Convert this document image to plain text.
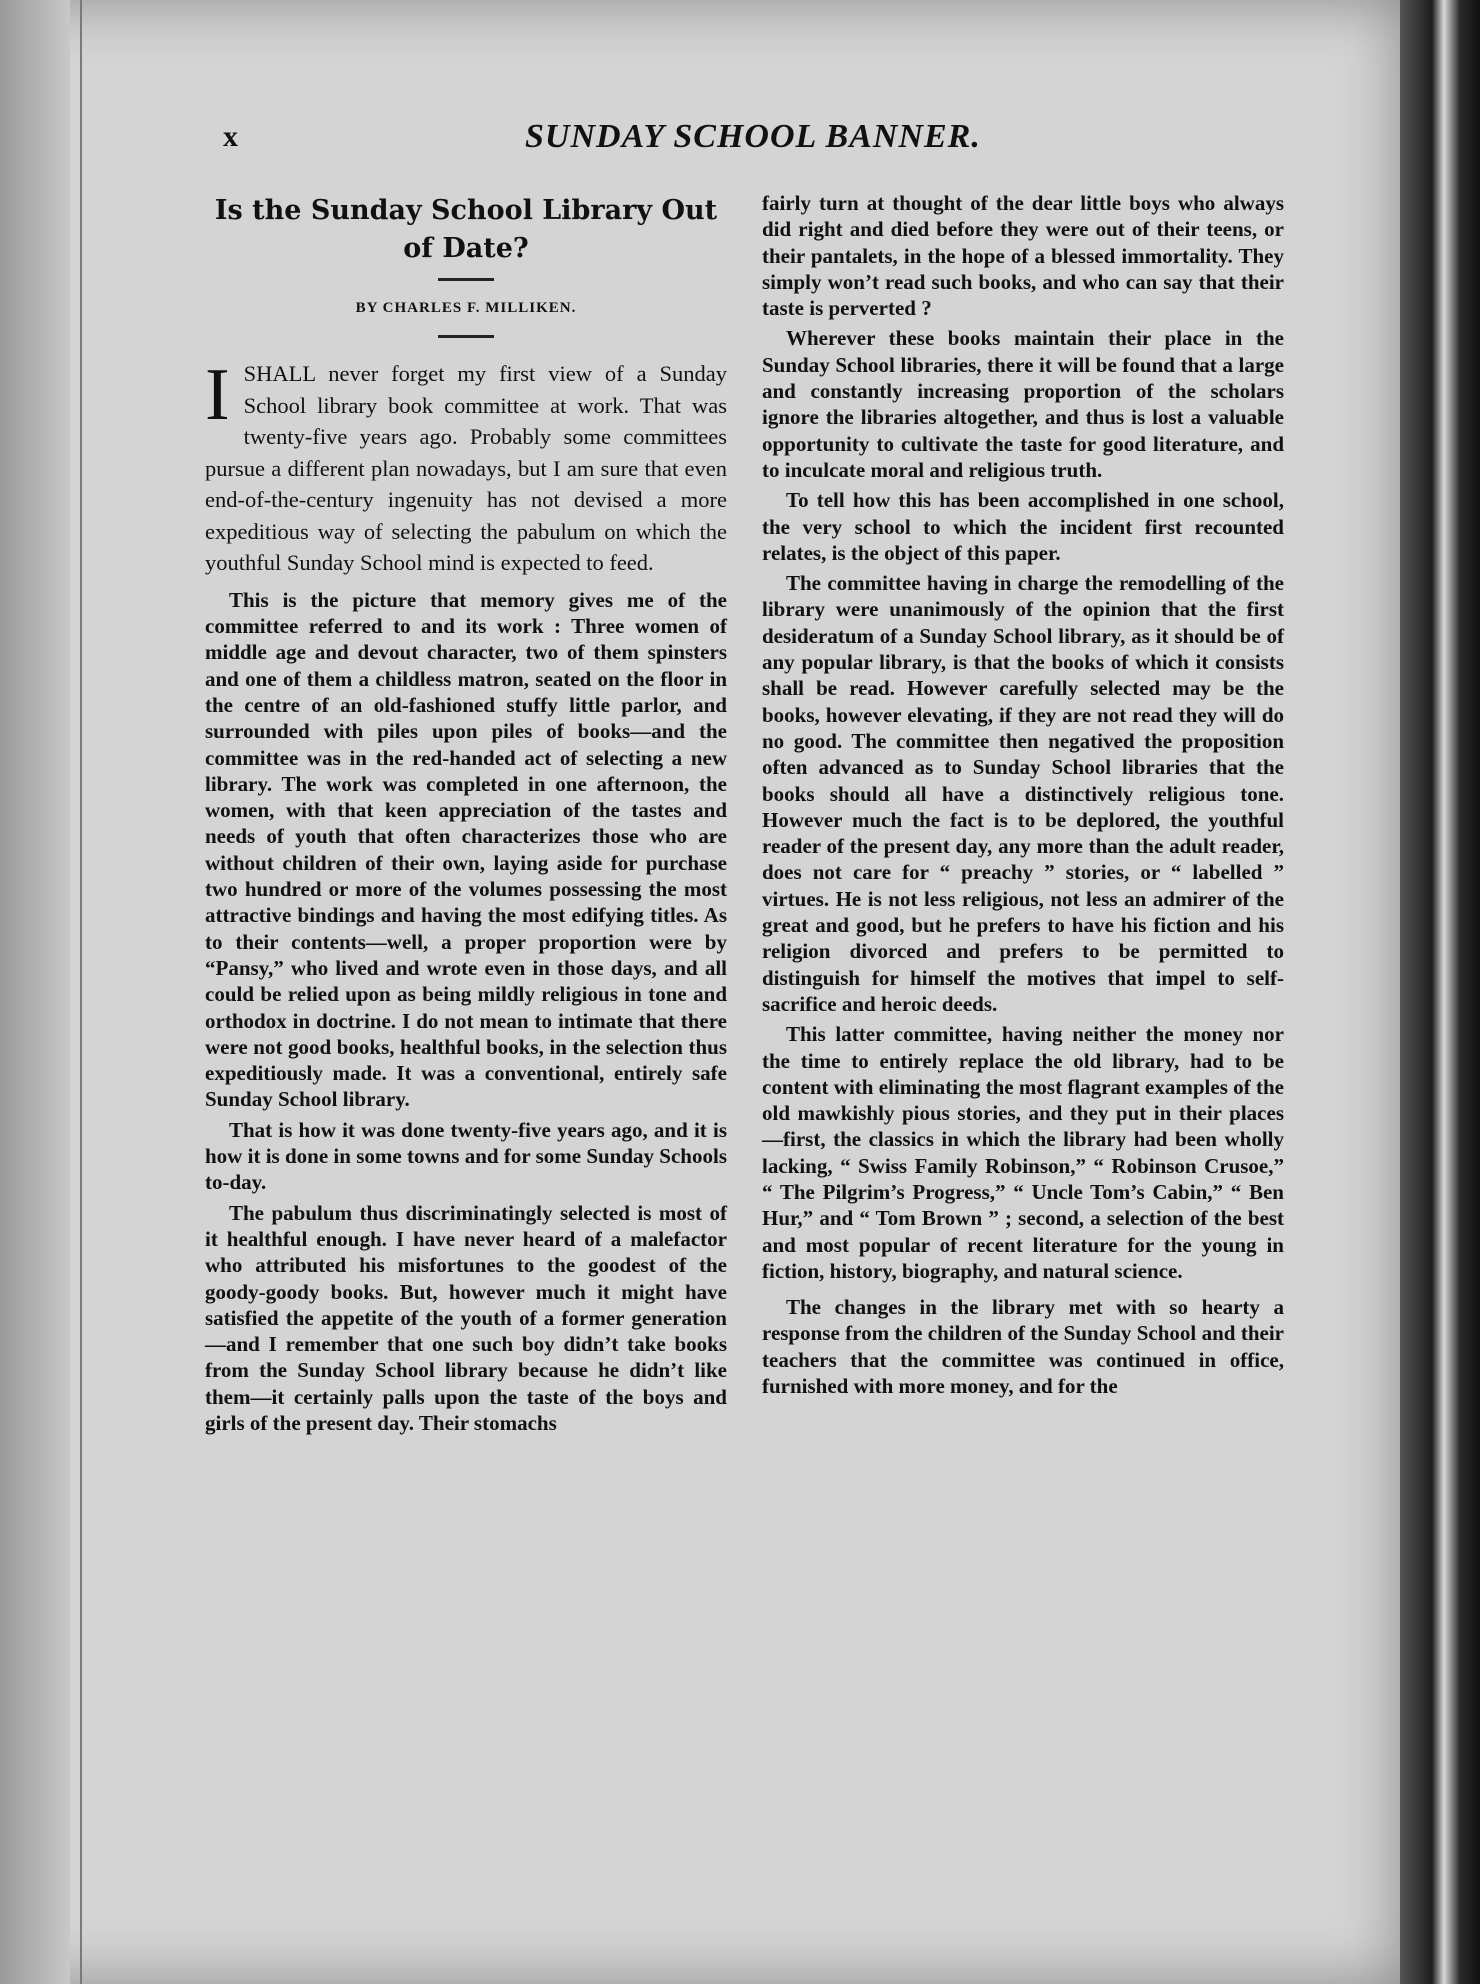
x	SUNDAY SCHOOL BANNER.
Is the Sunday School Library Out of Date?
BY CHARLES F. MILLIKEN.

ISHALL never forget my first view of a Sunday School library book committee at work. That was twenty-five years ago. Probably some committees pursue a different plan nowadays, but I am sure that even end-of-the-century ingenuity has not devised a more expeditious way of selecting the pabulum on which the youthful Sunday School mind is expected to feed.

This is the picture that memory gives me of the committee referred to and its work : Three women of middle age and devout character, two of them spinsters and one of them a childless matron, seated on the floor in the centre of an old-fashioned stuffy little parlor, and surrounded with piles upon piles of books—and the committee was in the red-handed act of selecting a new library. The work was completed in one afternoon, the women, with that keen appreciation of the tastes and needs of youth that often characterizes those who are without children of their own, laying aside for purchase two hundred or more of the volumes possessing the most attractive bindings and having the most edifying titles. As to their contents—well, a proper proportion were by “Pansy,” who lived and wrote even in those days, and all could be relied upon as being mildly religious in tone and orthodox in doctrine. I do not mean to intimate that there were not good books, healthful books, in the selection thus expeditiously made. It was a conventional, entirely safe Sunday School library.

That is how it was done twenty-five years ago, and it is how it is done in some towns and for some Sunday Schools to-day.

The pabulum thus discriminatingly selected is most of it healthful enough. I have never heard of a malefactor who attributed his misfortunes to the goodest of the goody-goody books. But, however much it might have satisfied the appetite of the youth of a former generation—and I remember that one such boy didn’t take books from the Sunday School library because he didn’t like them—it certainly palls upon the taste of the boys and girls of the present day. Their stomachs

fairly turn at thought of the dear little boys who always did right and died before they were out of their teens, or their pantalets, in the hope of a blessed immortality. They simply won’t read such books, and who can say that their taste is perverted ?

Wherever these books maintain their place in the Sunday School libraries, there it will be found that a large and constantly increasing proportion of the scholars ignore the libraries altogether, and thus is lost a valuable opportunity to cultivate the taste for good literature, and to inculcate moral and religious truth.

To tell how this has been accomplished in one school, the very school to which the incident first recounted relates, is the object of this paper.

The committee having in charge the remodelling of the library were unanimously of the opinion that the first desideratum of a Sunday School library, as it should be of any popular library, is that the books of which it consists shall be read. However carefully selected may be the books, however elevating, if they are not read they will do no good. The committee then negatived the proposition often advanced as to Sunday School libraries that the books should all have a distinctively religious tone. However much the fact is to be deplored, the youthful reader of the present day, any more than the adult reader, does not care for “ preachy ” stories, or “ labelled ” virtues. He is not less religious, not less an admirer of the great and good, but he prefers to have his fiction and his religion divorced and prefers to be permitted to distinguish for himself the motives that impel to self-sacrifice and heroic deeds.

This latter committee, having neither the money nor the time to entirely replace the old library, had to be content with eliminating the most flagrant examples of the old mawkishly pious stories, and they put in their places—first, the classics in which the library had been wholly lacking, “ Swiss Family Robinson,” “ Robinson Crusoe,” “ The Pilgrim’s Progress,” “ Uncle Tom’s Cabin,” “ Ben Hur,” and “ Tom Brown ” ; second, a selection of the best and most popular of recent literature for the young in fiction, history, biography, and natural science.

The changes in the library met with so hearty a response from the children of the Sunday School and their teachers that the committee was continued in office, furnished with more money, and for the
